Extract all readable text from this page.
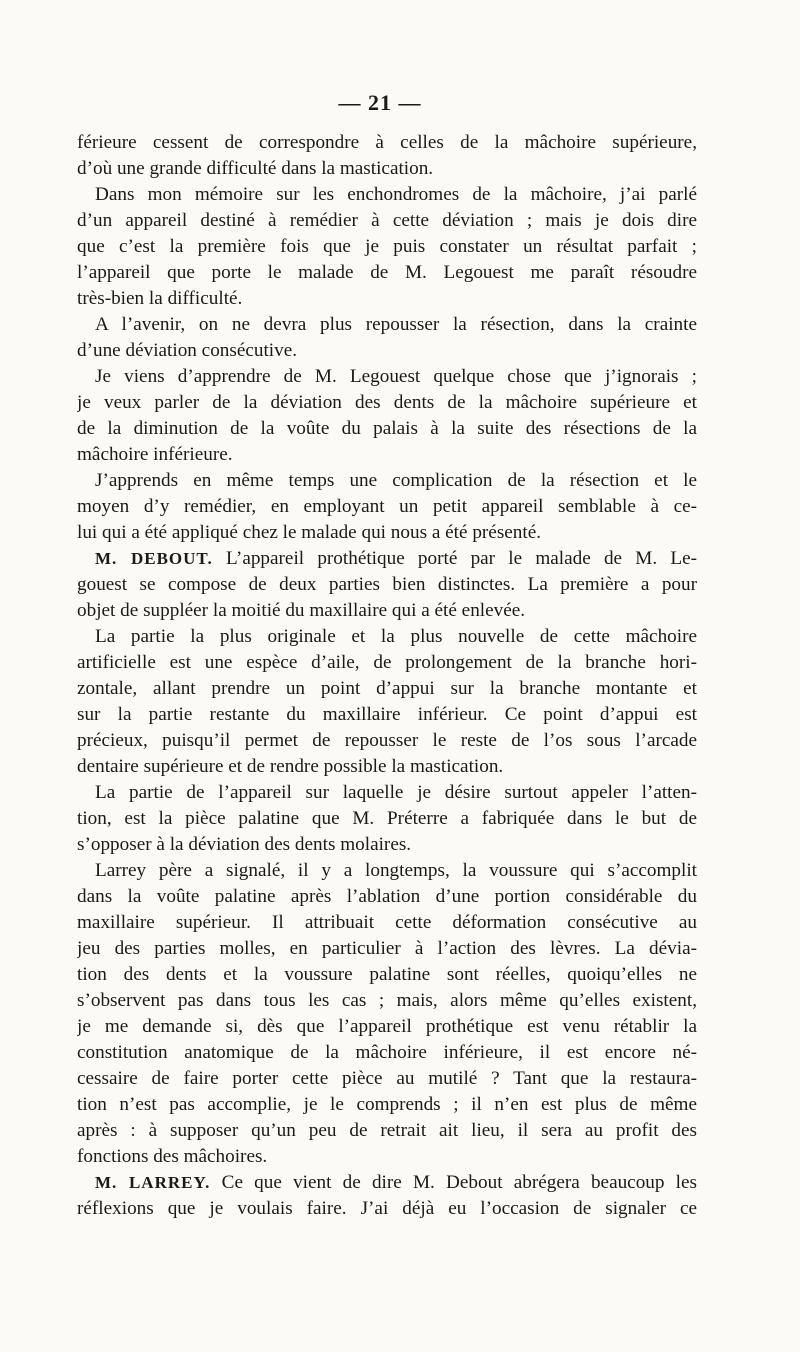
— 21 —
férieure cessent de correspondre à celles de la mâchoire supérieure,
d’où une grande difficulté dans la mastication.
Dans mon mémoire sur les enchondromes de la mâchoire, j’ai parlé
d’un appareil destiné à remédier à cette déviation ; mais je dois dire
que c’est la première fois que je puis constater un résultat parfait ;
l’appareil que porte le malade de M. Legouest me paraît résoudre
très-bien la difficulté.
A l’avenir, on ne devra plus repousser la résection, dans la crainte
d’une déviation consécutive.
Je viens d’apprendre de M. Legouest quelque chose que j’ignorais ;
je veux parler de la déviation des dents de la mâchoire supérieure et
de la diminution de la voûte du palais à la suite des résections de la
mâchoire inférieure.
J’apprends en même temps une complication de la résection et le
moyen d’y remédier, en employant un petit appareil semblable à ce-
lui qui a été appliqué chez le malade qui nous a été présenté.
M. DEBOUT. L’appareil prothétique porté par le malade de M. Le-
gouest se compose de deux parties bien distinctes. La première a pour
objet de suppléer la moitié du maxillaire qui a été enlevée.
La partie la plus originale et la plus nouvelle de cette mâchoire
artificielle est une espèce d’aile, de prolongement de la branche hori-
zontale, allant prendre un point d’appui sur la branche montante et
sur la partie restante du maxillaire inférieur. Ce point d’appui est
précieux, puisqu’il permet de repousser le reste de l’os sous l’arcade
dentaire supérieure et de rendre possible la mastication.
La partie de l’appareil sur laquelle je désire surtout appeler l’atten-
tion, est la pièce palatine que M. Préterre a fabriquée dans le but de
s’opposer à la déviation des dents molaires.
Larrey père a signalé, il y a longtemps, la voussure qui s’accomplit
dans la voûte palatine après l’ablation d’une portion considérable du
maxillaire supérieur. Il attribuait cette déformation consécutive au
jeu des parties molles, en particulier à l’action des lèvres. La dévia-
tion des dents et la voussure palatine sont réelles, quoiqu’elles ne
s’observent pas dans tous les cas ; mais, alors même qu’elles existent,
je me demande si, dès que l’appareil prothétique est venu rétablir la
constitution anatomique de la mâchoire inférieure, il est encore né-
cessaire de faire porter cette pièce au mutilé ? Tant que la restaura-
tion n’est pas accomplie, je le comprends ; il n’en est plus de même
après : à supposer qu’un peu de retrait ait lieu, il sera au profit des
fonctions des mâchoires.
M. LARREY. Ce que vient de dire M. Debout abrégera beaucoup les
réflexions que je voulais faire. J’ai déjà eu l’occasion de signaler ce
